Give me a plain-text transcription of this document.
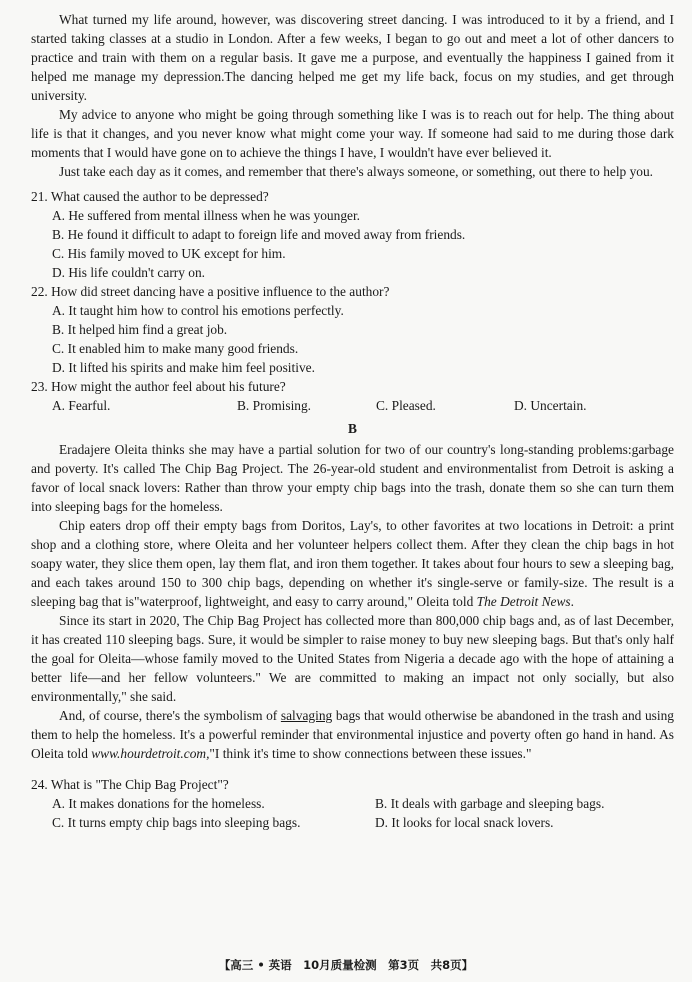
What turned my life around, however, was discovering street dancing. I was introduced to it by a friend, and I started taking classes at a studio in London. After a few weeks, I began to go out and meet a lot of other dancers to practice and train with them on a regular basis. It gave me a purpose, and eventually the happiness I gained from it helped me manage my depression.The dancing helped me get my life back, focus on my studies, and get through university.

My advice to anyone who might be going through something like I was is to reach out for help. The thing about life is that it changes, and you never know what might come your way. If someone had said to me during those dark moments that I would have gone on to achieve the things I have, I wouldn't have ever believed it.

Just take each day as it comes, and remember that there's always someone, or something, out there to help you.

21. What caused the author to be depressed?

A. He suffered from mental illness when he was younger.

B. He found it difficult to adapt to foreign life and moved away from friends.

C. His family moved to UK except for him.

D. His life couldn't carry on.

22. How did street dancing have a positive influence to the author?

A. It taught him how to control his emotions perfectly.

B. It helped him find a great job.

C. It enabled him to make many good friends.

D. It lifted his spirits and make him feel positive.

23. How might the author feel about his future?

A. Fearful.	B. Promising.	C. Pleased.	D. Uncertain.
B

Eradajere Oleita thinks she may have a partial solution for two of our country's long-standing problems:garbage and poverty. It's called The Chip Bag Project. The 26-year-old student and environmentalist from Detroit is asking a favor of local snack lovers: Rather than throw your empty chip bags into the trash, donate them so she can turn them into sleeping bags for the homeless.

Chip eaters drop off their empty bags from Doritos, Lay's, to other favorites at two locations in Detroit: a print shop and a clothing store, where Oleita and her volunteer helpers collect them. After they clean the chip bags in hot soapy water, they slice them open, lay them flat, and iron them together. It takes about four hours to sew a sleeping bag, and each takes around 150 to 300 chip bags, depending on whether it's single-serve or family-size. The result is a sleeping bag that is"waterproof, lightweight, and easy to carry around," Oleita told The Detroit News.

Since its start in 2020, The Chip Bag Project has collected more than 800,000 chip bags and, as of last December, it has created 110 sleeping bags. Sure, it would be simpler to raise money to buy new sleeping bags. But that's only half the goal for Oleita—whose family moved to the United States from Nigeria a decade ago with the hope of attaining a better life—and her fellow volunteers." We are committed to making an impact not only socially, but also environmentally," she said.

And, of course, there's the symbolism of salvaging bags that would otherwise be abandoned in the trash and using them to help the homeless. It's a powerful reminder that environmental injustice and poverty often go hand in hand. As Oleita told www.hourdetroit.com,"I think it's time to show connections between these issues."

24. What is "The Chip Bag Project"?

A. It makes donations for the homeless.	B. It deals with garbage and sleeping bags.
C. It turns empty chip bags into sleeping bags.	D. It looks for local snack lovers.
【高三 • 英语　10月质量检测　第3页　共8页】
